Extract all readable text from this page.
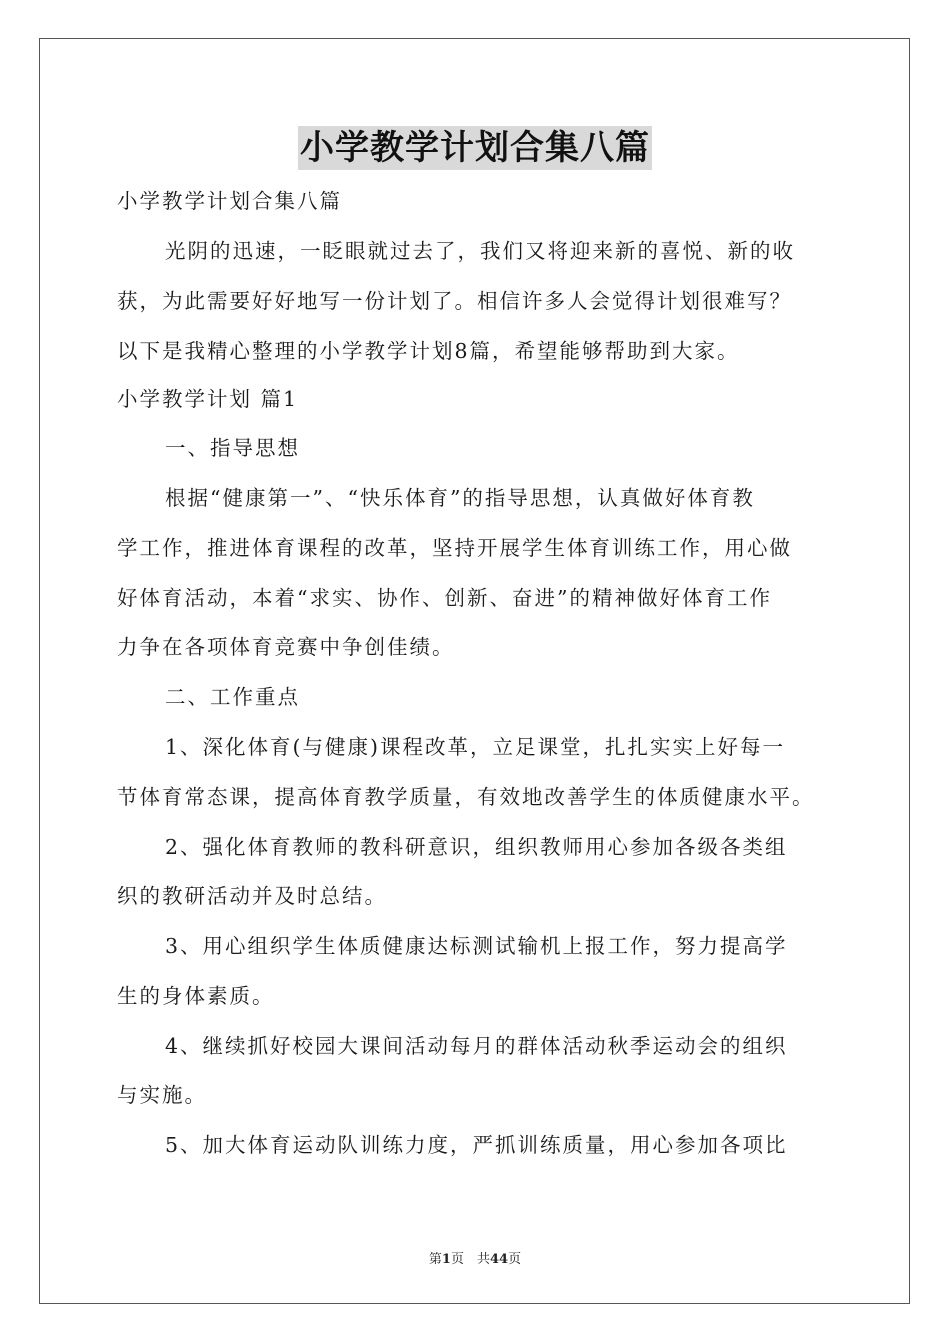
小学教学计划合集八篇
小学教学计划合集八篇
光阴的迅速，一眨眼就过去了，我们又将迎来新的喜悦、新的收
获，为此需要好好地写一份计划了。相信许多人会觉得计划很难写？
以下是我精心整理的小学教学计划8篇，希望能够帮助到大家。
小学教学计划 篇1
一、指导思想
根据“健康第一”、“快乐体育”的指导思想，认真做好体育教
学工作，推进体育课程的改革，坚持开展学生体育训练工作，用心做
好体育活动，本着“求实、协作、创新、奋进”的精神做好体育工作
力争在各项体育竞赛中争创佳绩。
二、工作重点
1、深化体育(与健康)课程改革，立足课堂，扎扎实实上好每一
节体育常态课，提高体育教学质量，有效地改善学生的体质健康水平。
2、强化体育教师的教科研意识，组织教师用心参加各级各类组
织的教研活动并及时总结。
3、用心组织学生体质健康达标测试输机上报工作，努力提高学
生的身体素质。
4、继续抓好校园大课间活动每月的群体活动秋季运动会的组织
与实施。
5、加大体育运动队训练力度，严抓训练质量，用心参加各项比
第1页　共44页
